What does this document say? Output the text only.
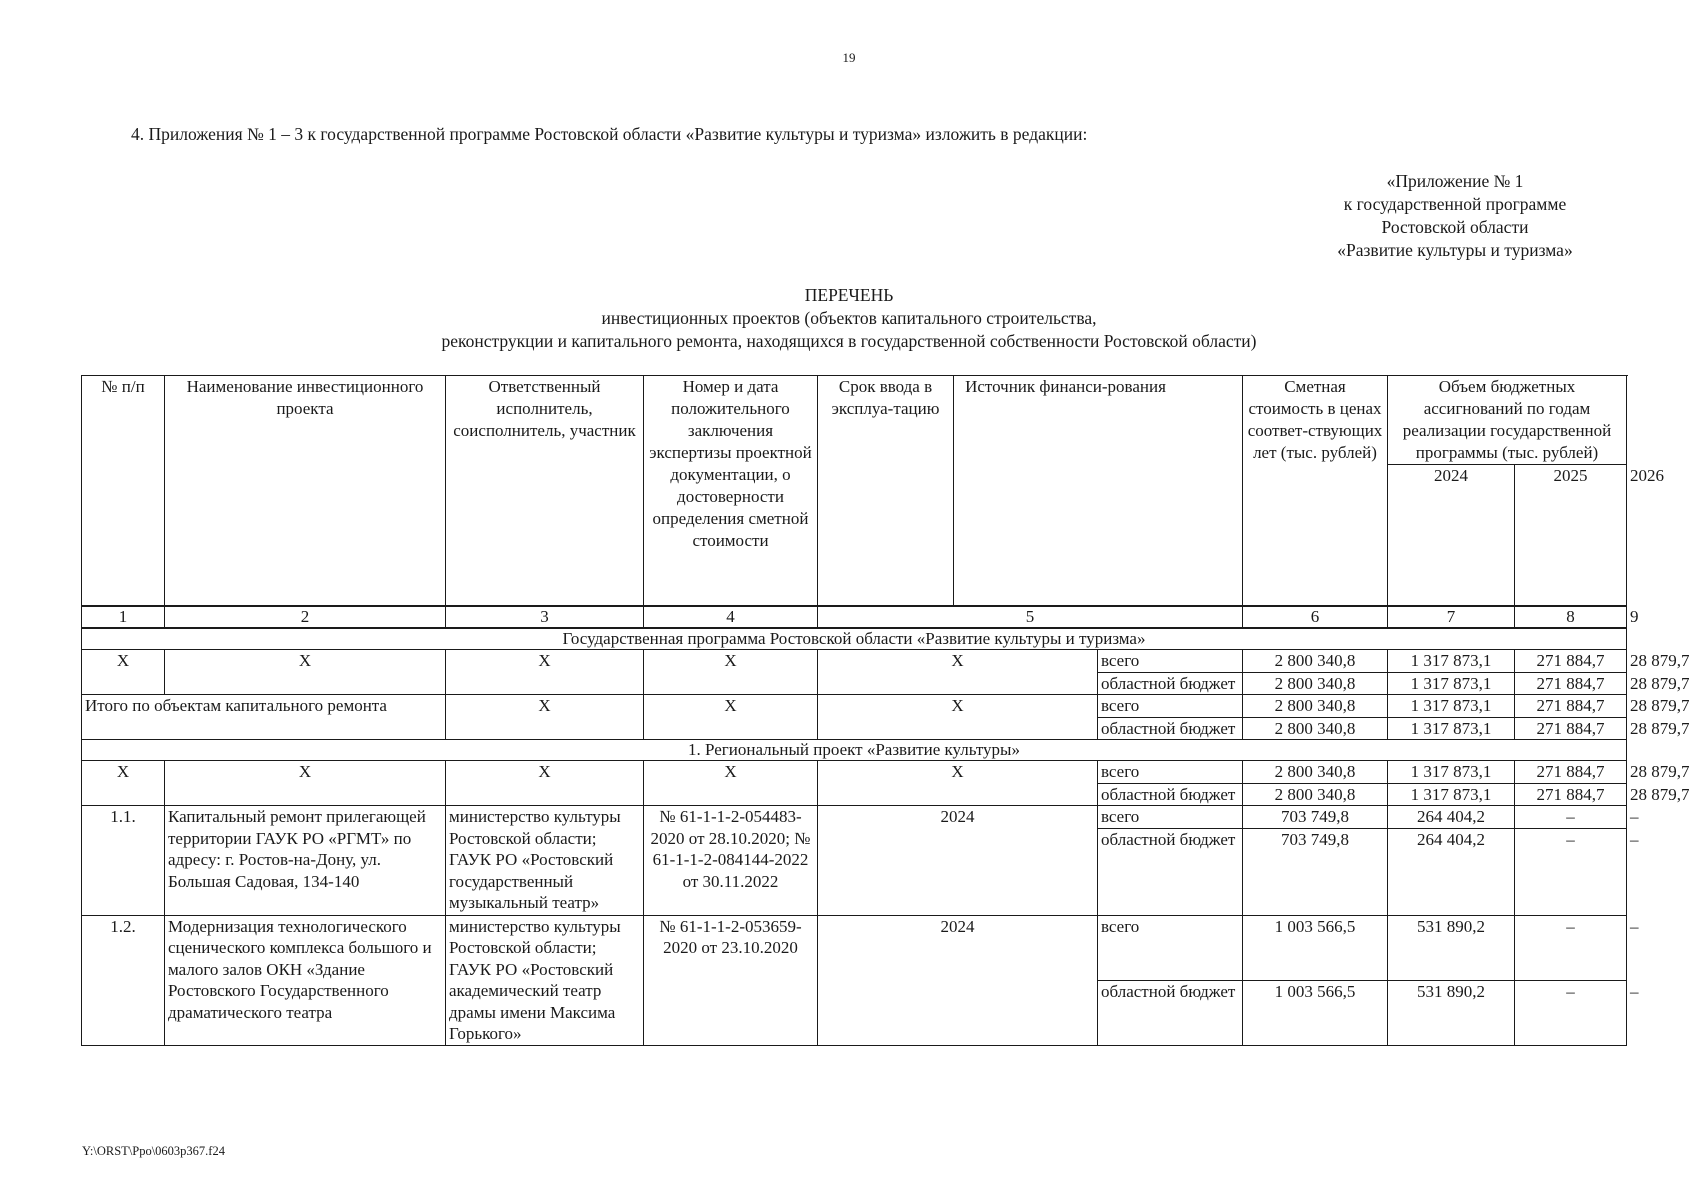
19
4. Приложения № 1 – 3 к государственной программе Ростовской области «Развитие культуры и туризма» изложить в редакции:
«Приложение № 1
к государственной программе
Ростовской области
«Развитие культуры и туризма»
ПЕРЕЧЕНЬ
инвестиционных проектов (объектов капитального строительства,
реконструкции и капитального ремонта, находящихся в государственной собственности Ростовской области)
№ п/п	Наименование инвестиционного проекта	Ответственный исполнитель, соисполнитель, участник	Номер и дата положительного заключения экспертизы проектной документации, о достоверности определения сметной стоимости	Срок ввода в эксплуа-тацию	Источник финанси-рования		Сметная стоимость в ценах соответ-ствующих лет (тыс. рублей)	Объем бюджетных ассигнований по годам реализации государственной программы (тыс. рублей)		
								2024	2025	2026
1	2	3	4	5			6	7	8	9
Государственная программа Ростовской области «Развитие культуры и туризма»										
Х	Х	Х	Х	Х		всего	2 800 340,8	1 317 873,1	271 884,7	28 879,7
						областной бюджет	2 800 340,8	1 317 873,1	271 884,7	28 879,7
Итого по объектам капитального ремонта		Х	Х	Х		всего	2 800 340,8	1 317 873,1	271 884,7	28 879,7
						областной бюджет	2 800 340,8	1 317 873,1	271 884,7	28 879,7
1. Региональный проект «Развитие культуры»										
Х	Х	Х	Х	Х		всего	2 800 340,8	1 317 873,1	271 884,7	28 879,7
						областной бюджет	2 800 340,8	1 317 873,1	271 884,7	28 879,7
1.1.	Капитальный ремонт прилегающей территории ГАУК РО «РГМТ» по адресу: г. Ростов-на-Дону, ул. Большая Садовая, 134-140	министерство культуры Ростовской области; ГАУК РО «Ростовский государственный музыкальный театр»	№ 61-1-1-2-054483-2020 от 28.10.2020; № 61-1-1-2-084144-2022 от 30.11.2022	2024		всего	703 749,8	264 404,2	–	–
						областной бюджет	703 749,8	264 404,2	–	–
1.2.	Модернизация технологического сценического комплекса большого и малого залов ОКН «Здание Ростовского Государственного драматического театра	министерство культуры Ростовской области; ГАУК РО «Ростовский академический театр драмы имени Максима Горького»	№ 61-1-1-2-053659-2020 от 23.10.2020	2024		всего	1 003 566,5	531 890,2	–	–
						областной бюджет	1 003 566,5	531 890,2	–	–
Y:\ORST\Ppo\0603p367.f24
